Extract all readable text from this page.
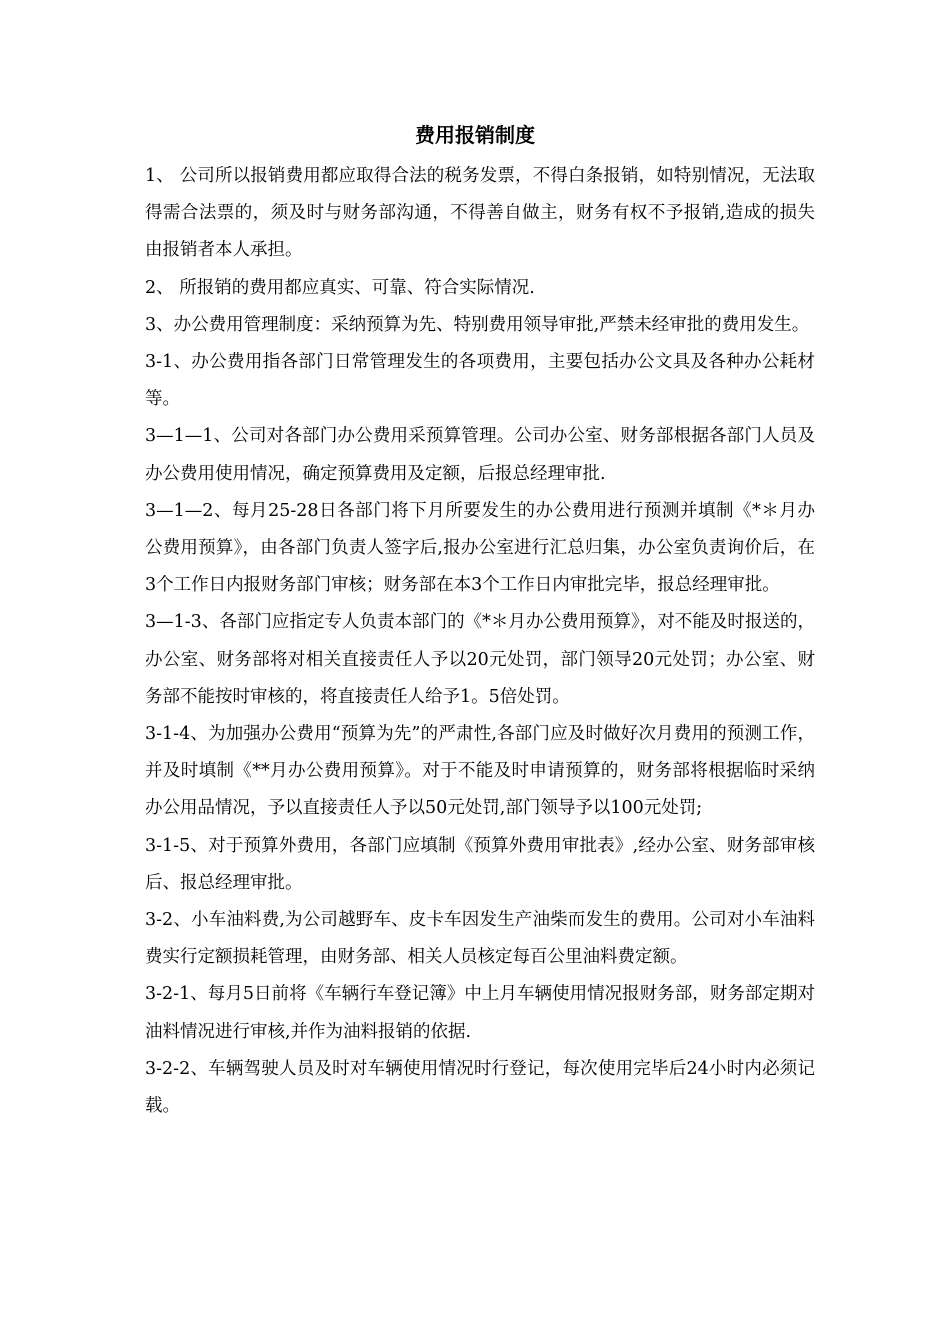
费用报销制度

1、 公司所以报销费用都应取得合法的税务发票，不得白条报销，如特别情况，无法取得需合法票的，须及时与财务部沟通，不得善自做主，财务有权不予报销,造成的损失由报销者本人承担。

2、 所报销的费用都应真实、可靠、符合实际情况.

3、办公费用管理制度：采纳预算为先、特别费用领导审批,严禁未经审批的费用发生。

3-1、办公费用指各部门日常管理发生的各项费用，主要包括办公文具及各种办公耗材等。

3—1—1、公司对各部门办公费用采预算管理。公司办公室、财务部根据各部门人员及办公费用使用情况，确定预算费用及定额，后报总经理审批.

3—1—2、每月25-28日各部门将下月所要发生的办公费用进行预测并填制《*＊月办公费用预算》，由各部门负责人签字后,报办公室进行汇总归集，办公室负责询价后，在3个工作日内报财务部门审核；财务部在本3个工作日内审批完毕，报总经理审批。

3—1-3、各部门应指定专人负责本部门的《*＊月办公费用预算》，对不能及时报送的，办公室、财务部将对相关直接责任人予以20元处罚，部门领导20元处罚；办公室、财务部不能按时审核的，将直接责任人给予1。5倍处罚。

3-1-4、为加强办公费用“预算为先”的严肃性,各部门应及时做好次月费用的预测工作，并及时填制《**月办公费用预算》。对于不能及时申请预算的，财务部将根据临时采纳办公用品情况，予以直接责任人予以50元处罚,部门领导予以100元处罚;

3-1-5、对于预算外费用，各部门应填制《预算外费用审批表》,经办公室、财务部审核后、报总经理审批。

3-2、小车油料费,为公司越野车、皮卡车因发生产油柴而发生的费用。公司对小车油料费实行定额损耗管理，由财务部、相关人员核定每百公里油料费定额。

3-2-1、每月5日前将《车辆行车登记簿》中上月车辆使用情况报财务部，财务部定期对油料情况进行审核,并作为油料报销的依据.

3-2-2、车辆驾驶人员及时对车辆使用情况时行登记，每次使用完毕后24小时内必须记载。
